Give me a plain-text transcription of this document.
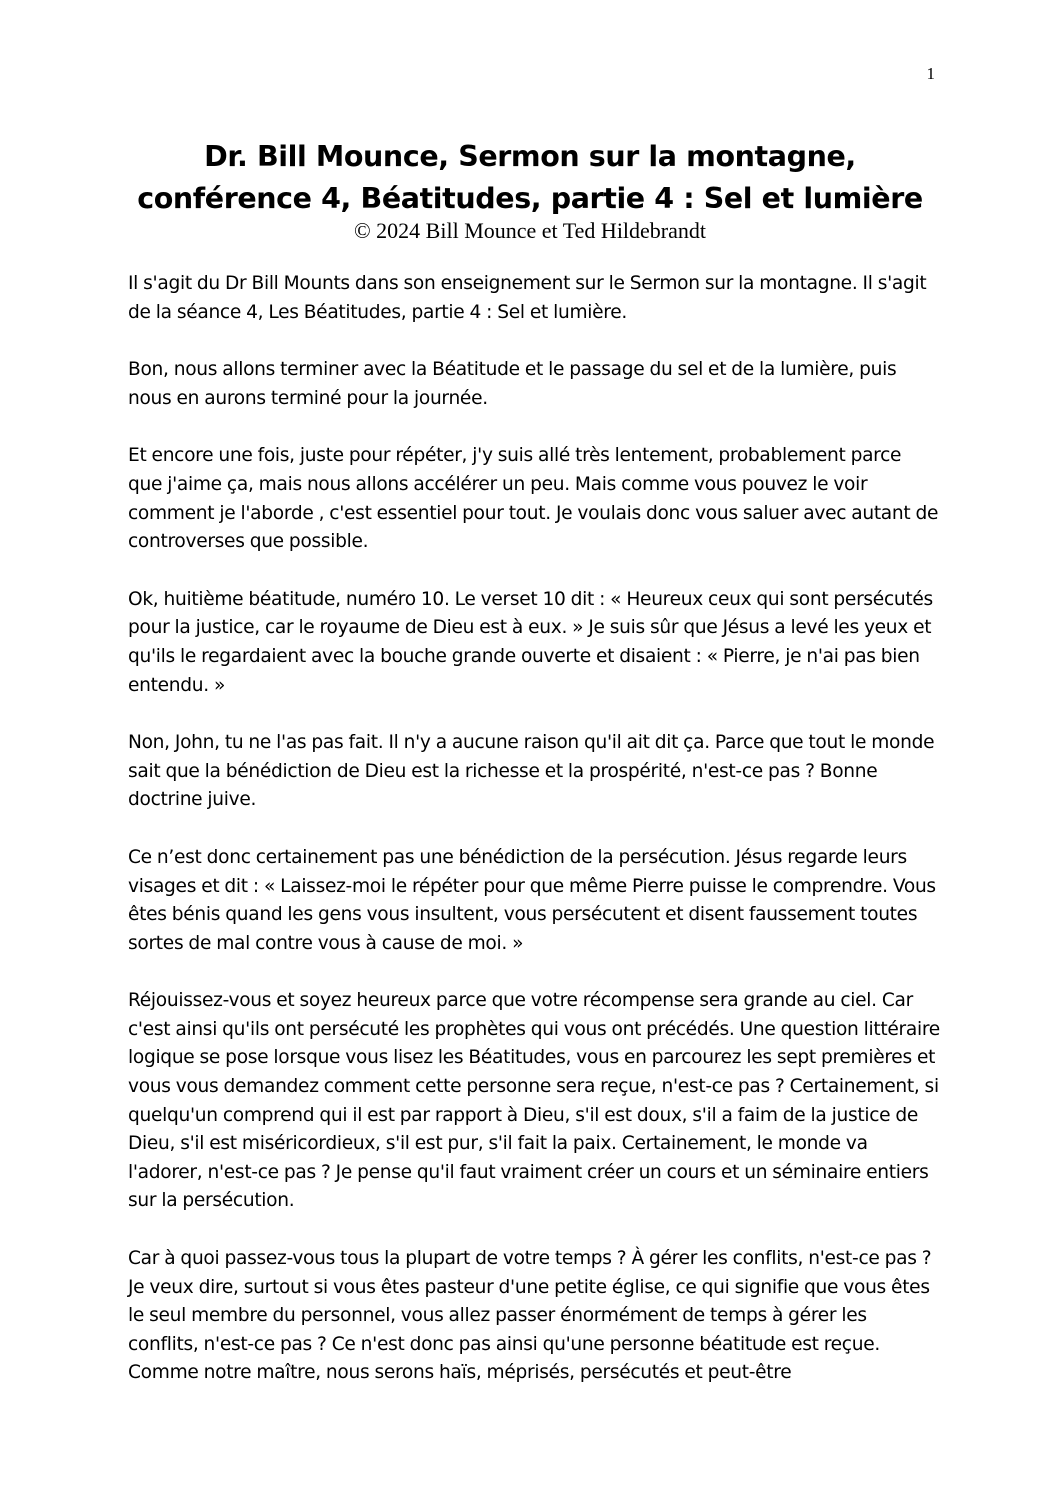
1
Dr. Bill Mounce, Sermon sur la montagne,
conférence 4, Béatitudes, partie 4 : Sel et lumière

© 2024 Bill Mounce et Ted Hildebrandt

Il s'agit du Dr Bill Mounts dans son enseignement sur le Sermon sur la montagne. Il s'agit de la séance 4, Les Béatitudes, partie 4 : Sel et lumière.

Bon, nous allons terminer avec la Béatitude et le passage du sel et de la lumière, puis nous en aurons terminé pour la journée.

Et encore une fois, juste pour répéter, j'y suis allé très lentement, probablement parce que j'aime ça, mais nous allons accélérer un peu. Mais comme vous pouvez le voir comment je l'aborde , c'est essentiel pour tout. Je voulais donc vous saluer avec autant de controverses que possible.

Ok, huitième béatitude, numéro 10. Le verset 10 dit : « Heureux ceux qui sont persécutés pour la justice, car le royaume de Dieu est à eux. » Je suis sûr que Jésus a levé les yeux et qu'ils le regardaient avec la bouche grande ouverte et disaient : « Pierre, je n'ai pas bien entendu. »

Non, John, tu ne l'as pas fait. Il n'y a aucune raison qu'il ait dit ça. Parce que tout le monde sait que la bénédiction de Dieu est la richesse et la prospérité, n'est-ce pas ? Bonne doctrine juive.

Ce n’est donc certainement pas une bénédiction de la persécution. Jésus regarde leurs visages et dit : « Laissez-moi le répéter pour que même Pierre puisse le comprendre. Vous êtes bénis quand les gens vous insultent, vous persécutent et disent faussement toutes sortes de mal contre vous à cause de moi. »

Réjouissez-vous et soyez heureux parce que votre récompense sera grande au ciel. Car c'est ainsi qu'ils ont persécuté les prophètes qui vous ont précédés. Une question littéraire logique se pose lorsque vous lisez les Béatitudes, vous en parcourez les sept premières et vous vous demandez comment cette personne sera reçue, n'est-ce pas ? Certainement, si quelqu'un comprend qui il est par rapport à Dieu, s'il est doux, s'il a faim de la justice de Dieu, s'il est miséricordieux, s'il est pur, s'il fait la paix. Certainement, le monde va l'adorer, n'est-ce pas ? Je pense qu'il faut vraiment créer un cours et un séminaire entiers sur la persécution.

Car à quoi passez-vous tous la plupart de votre temps ? À gérer les conflits, n'est-ce pas ? Je veux dire, surtout si vous êtes pasteur d'une petite église, ce qui signifie que vous êtes le seul membre du personnel, vous allez passer énormément de temps à gérer les conflits, n'est-ce pas ? Ce n'est donc pas ainsi qu'une personne béatitude est reçue. Comme notre maître, nous serons haïs, méprisés, persécutés et peut-être
